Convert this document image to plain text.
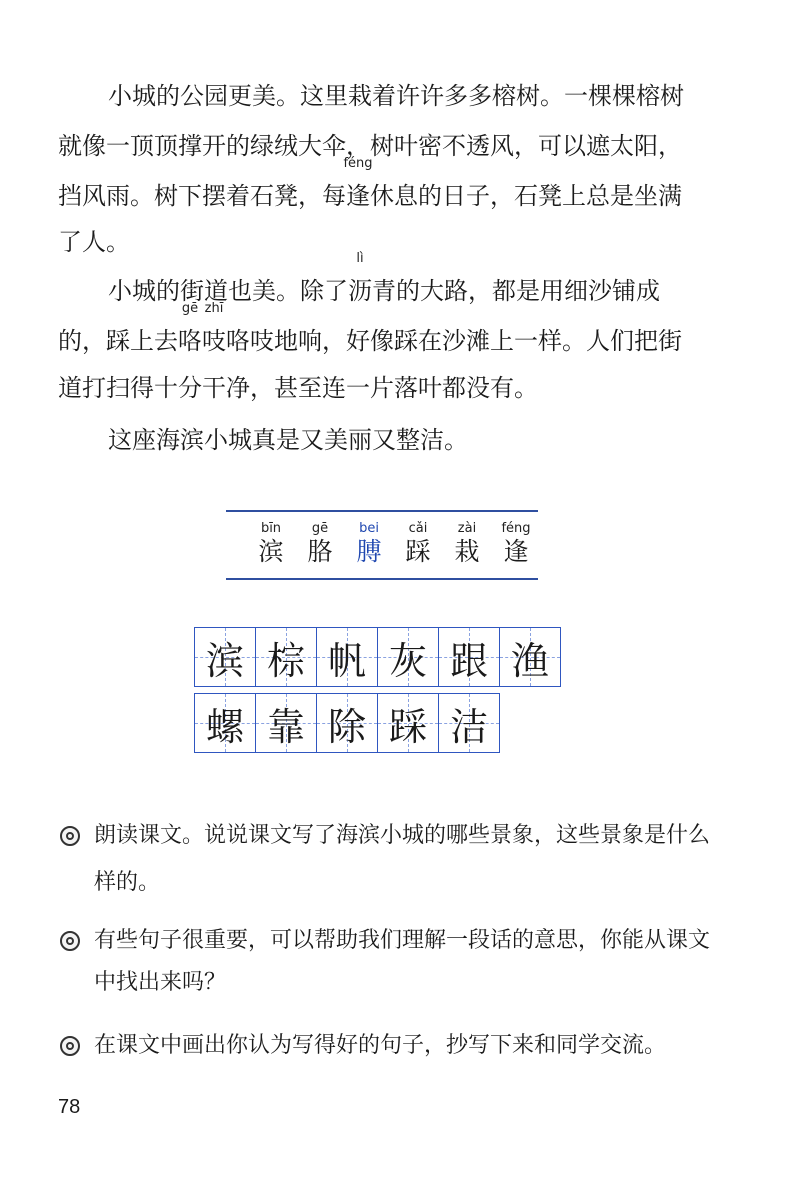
小城的公园更美。这里栽着许许多多榕树。一棵棵榕树
就像一顶顶撑开的绿绒大伞，树叶密不透风，可以遮太阳，
挡风雨。树下摆着石凳，每
féng
逢休息的日子，石凳上总是坐满
了人。
小城的街道也美。除了
lì
沥青的大路，都是用细沙铺成
的，踩上去
gē
咯
zhī
吱咯吱地响，好像踩在沙滩上一样。人们把街
道打扫得十分干净，甚至连一片落叶都没有。
这座海滨小城真是又美丽又整洁。
bīn
滨
gē
胳
bei
膊
cǎi
踩
zài
栽
féng
逢
滨 棕 帆 灰 跟 渔
螺 靠 除 踩 洁
朗读课文。说说课文写了海滨小城的哪些景象，这些景象是什么
样的。
有些句子很重要，可以帮助我们理解一段话的意思，你能从课文
中找出来吗？
在课文中画出你认为写得好的句子，抄写下来和同学交流。
78
